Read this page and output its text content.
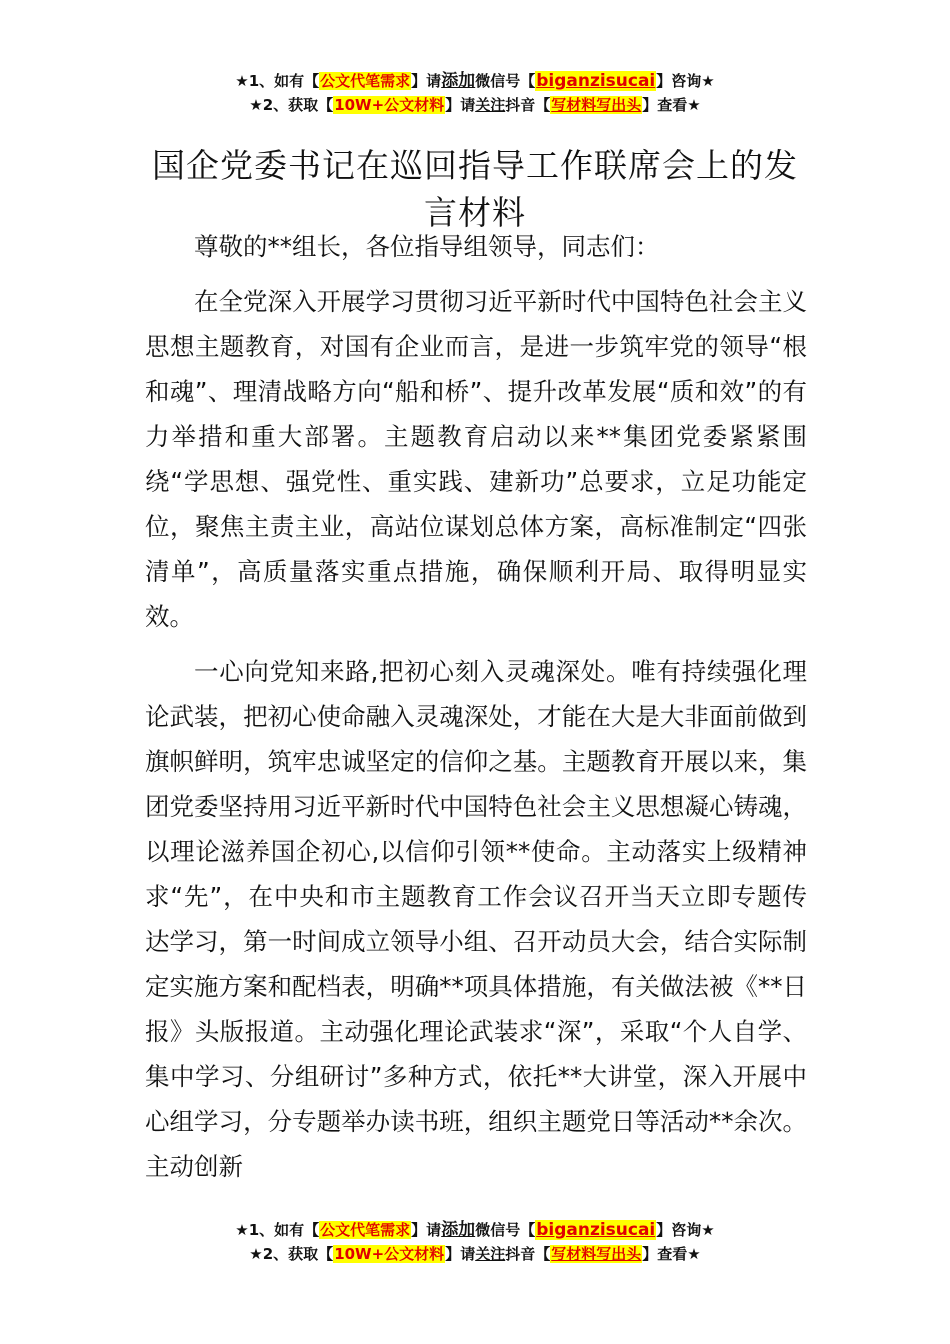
★1、如有【公文代笔需求】请添加微信号【biganzisucai】咨询★
★2、获取【10W+公文材料】请关注抖音【写材料写出头】查看★
国企党委书记在巡回指导工作联席会上的发言材料

尊敬的**组长，各位指导组领导，同志们：

在全党深入开展学习贯彻习近平新时代中国特色社会主义思想主题教育，对国有企业而言，是进一步筑牢党的领导“根和魂”、理清战略方向“船和桥”、提升改革发展“质和效”的有力举措和重大部署。主题教育启动以来**集团党委紧紧围绕“学思想、强党性、重实践、建新功”总要求，立足功能定位，聚焦主责主业，高站位谋划总体方案，高标准制定“四张清单”，高质量落实重点措施，确保顺利开局、取得明显实效。

一心向党知来路,把初心刻入灵魂深处。唯有持续强化理论武装，把初心使命融入灵魂深处，才能在大是大非面前做到旗帜鲜明，筑牢忠诚坚定的信仰之基。主题教育开展以来，集团党委坚持用习近平新时代中国特色社会主义思想凝心铸魂，以理论滋养国企初心,以信仰引领**使命。主动落实上级精神求“先”，在中央和市主题教育工作会议召开当天立即专题传达学习，第一时间成立领导小组、召开动员大会，结合实际制定实施方案和配档表，明确**项具体措施，有关做法被《**日报》头版报道。主动强化理论武装求“深”，采取“个人自学、集中学习、分组研讨”多种方式，依托**大讲堂，深入开展中心组学习，分专题举办读书班，组织主题党日等活动**余次。主动创新

★1、如有【公文代笔需求】请添加微信号【biganzisucai】咨询★
★2、获取【10W+公文材料】请关注抖音【写材料写出头】查看★
